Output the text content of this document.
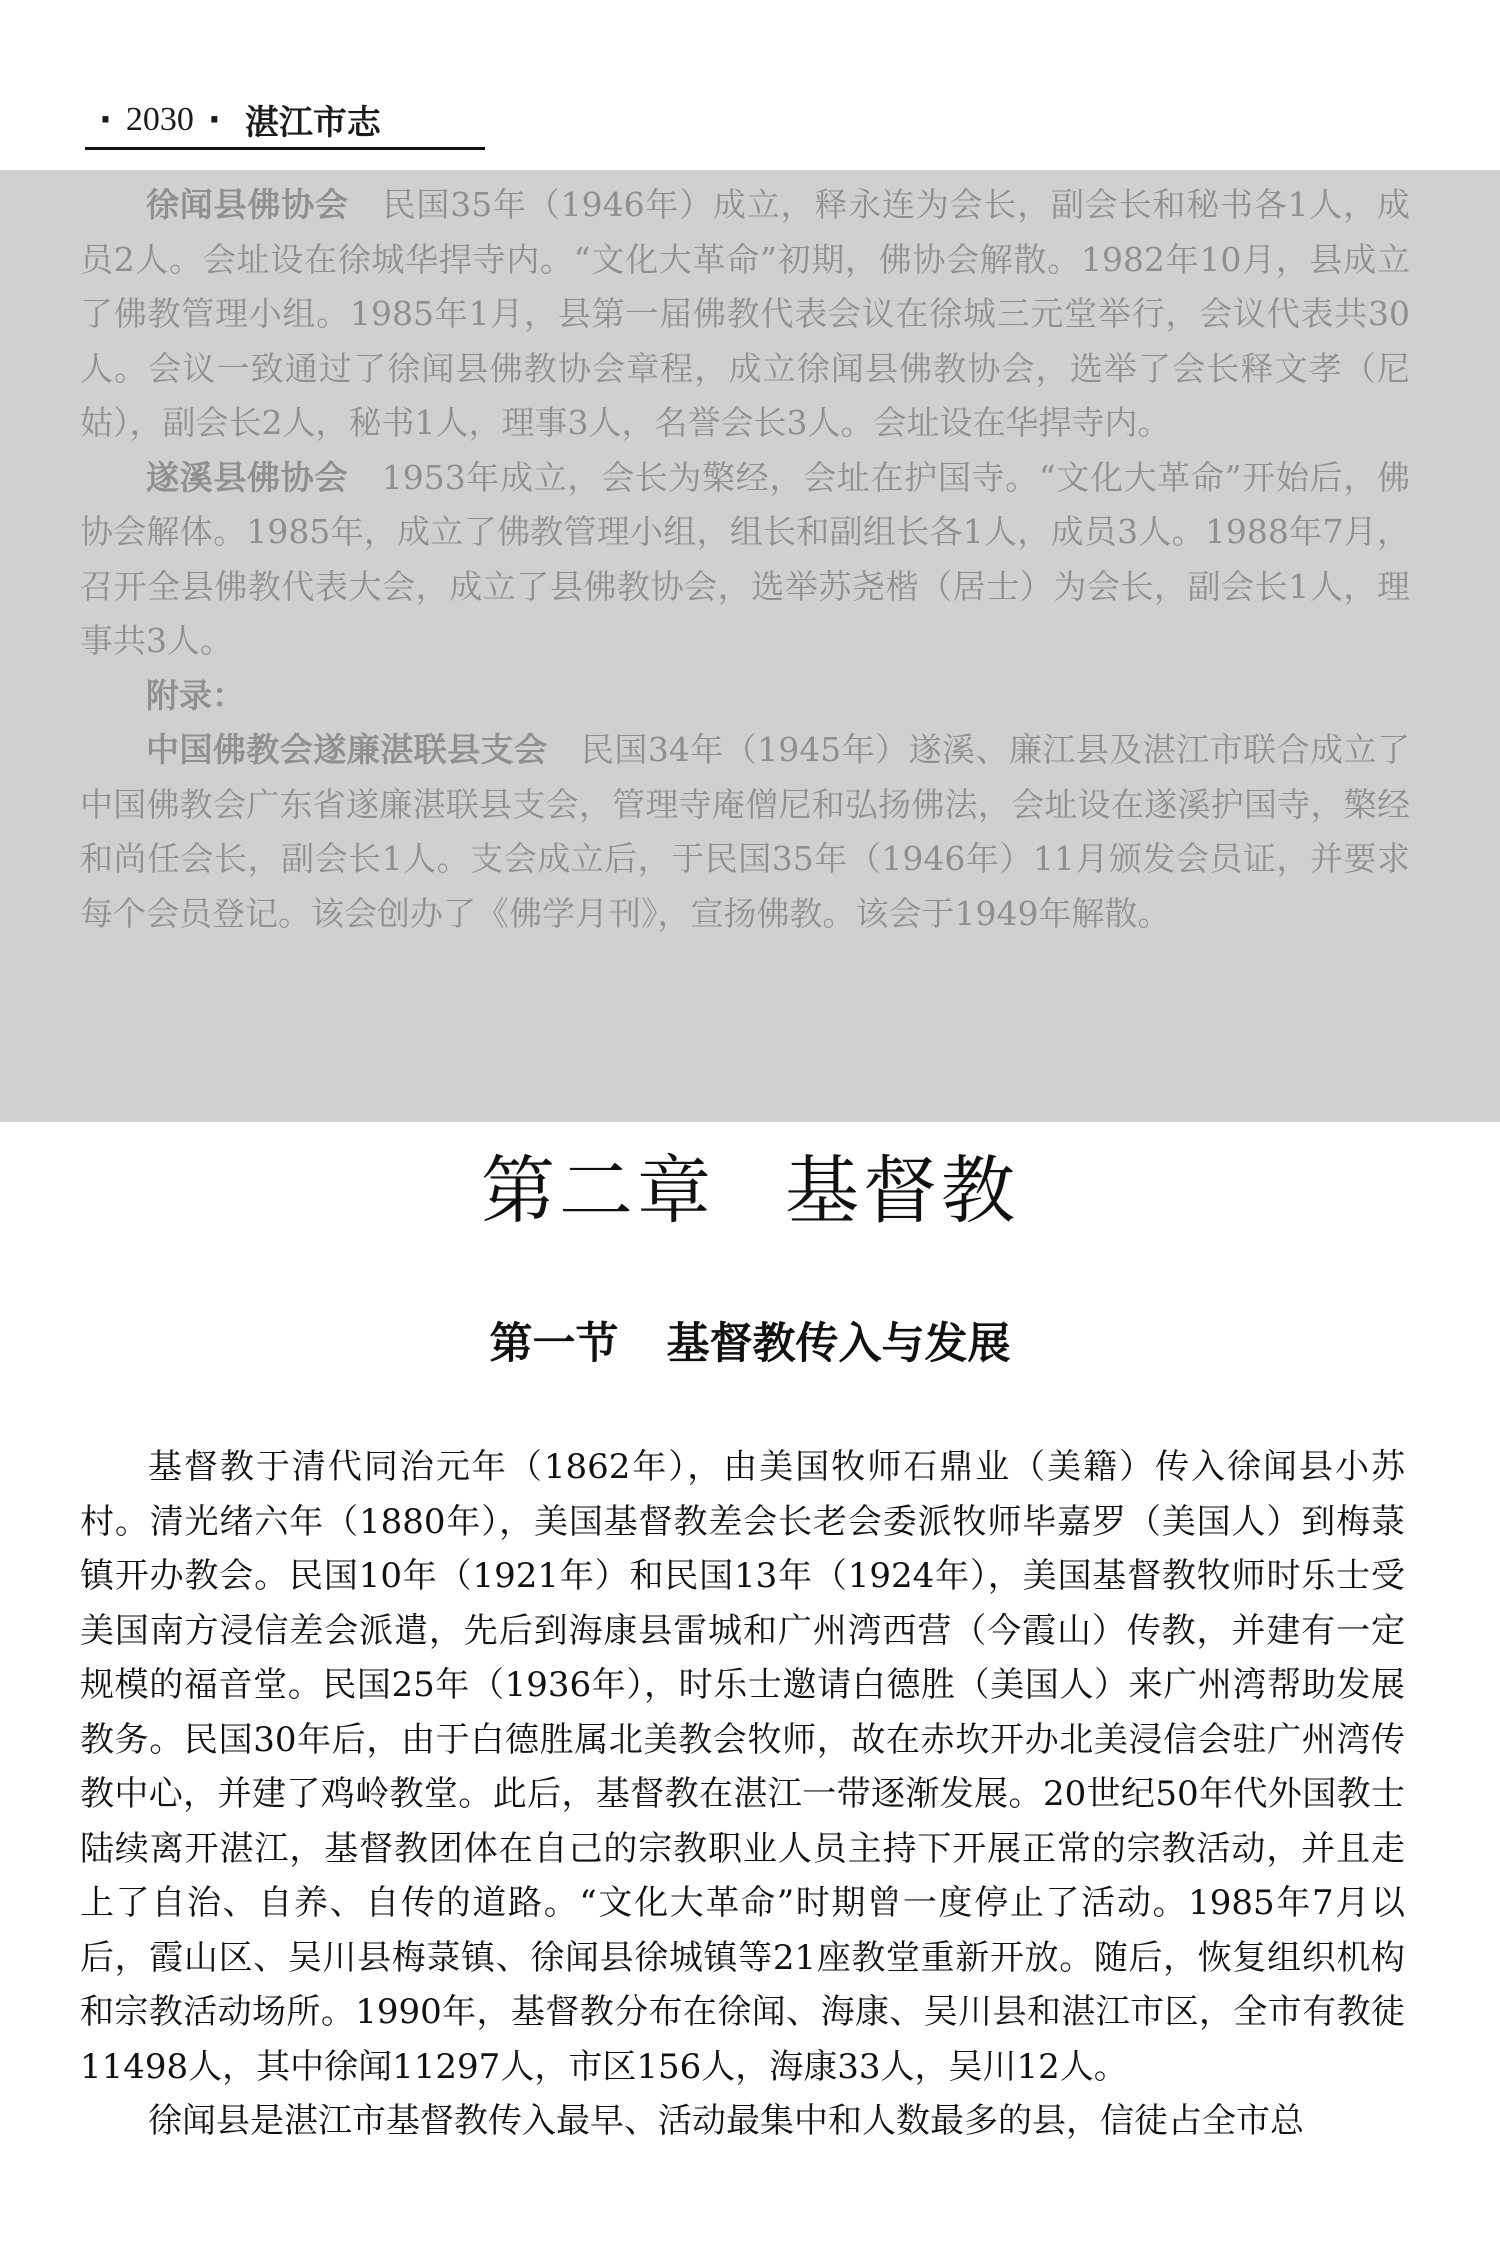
· 2030 · 湛江市志

徐闻县佛协会　 民国35年（1946年）成立，释永连为会长，副会长和秘书各1人，成员2人。会址设在徐城华捍寺内。“文化大革命”初期，佛协会解散。1982年10月，县成立了佛教管理小组。1985年1月，县第一届佛教代表会议在徐城三元堂举行，会议代表共30人。会议一致通过了徐闻县佛教协会章程，成立徐闻县佛教协会，选举了会长释文孝（尼姑），副会长2人，秘书1人，理事3人，名誉会长3人。会址设在华捍寺内。

遂溪县佛协会　 1953年成立，会长为檠经，会址在护国寺。“文化大革命”开始后，佛协会解体。1985年，成立了佛教管理小组，组长和副组长各1人，成员3人。1988年7月，召开全县佛教代表大会，成立了县佛教协会，选举苏尧楷（居士）为会长，副会长1人，理事共3人。

附录：

中国佛教会遂廉湛联县支会　 民国34年（1945年）遂溪、廉江县及湛江市联合成立了中国佛教会广东省遂廉湛联县支会，管理寺庵僧尼和弘扬佛法，会址设在遂溪护国寺，檠经和尚任会长，副会长1人。支会成立后，于民国35年（1946年）11月颁发会员证，并要求每个会员登记。该会创办了《佛学月刊》，宣扬佛教。该会于1949年解散。

第二章 基督教
第一节 基督教传入与发展

基督教于清代同治元年（1862年），由美国牧师石鼎业（美籍）传入徐闻县小苏村。清光绪六年（1880年），美国基督教差会长老会委派牧师毕嘉罗（美国人）到梅菉镇开办教会。民国10年（1921年）和民国13年（1924年），美国基督教牧师时乐士受美国南方浸信差会派遣，先后到海康县雷城和广州湾西营（今霞山）传教，并建有一定规模的福音堂。民国25年（1936年），时乐士邀请白德胜（美国人）来广州湾帮助发展教务。民国30年后，由于白德胜属北美教会牧师，故在赤坎开办北美浸信会驻广州湾传教中心，并建了鸡岭教堂。此后，基督教在湛江一带逐渐发展。20世纪50年代外国教士陆续离开湛江，基督教团体在自己的宗教职业人员主持下开展正常的宗教活动，并且走上了自治、自养、自传的道路。“文化大革命”时期曾一度停止了活动。1985年7月以后，霞山区、吴川县梅菉镇、徐闻县徐城镇等21座教堂重新开放。随后，恢复组织机构和宗教活动场所。1990年，基督教分布在徐闻、海康、吴川县和湛江市区，全市有教徒11498人，其中徐闻11297人，市区156人，海康33人，吴川12人。

徐闻县是湛江市基督教传入最早、活动最集中和人数最多的县，信徒占全市总
